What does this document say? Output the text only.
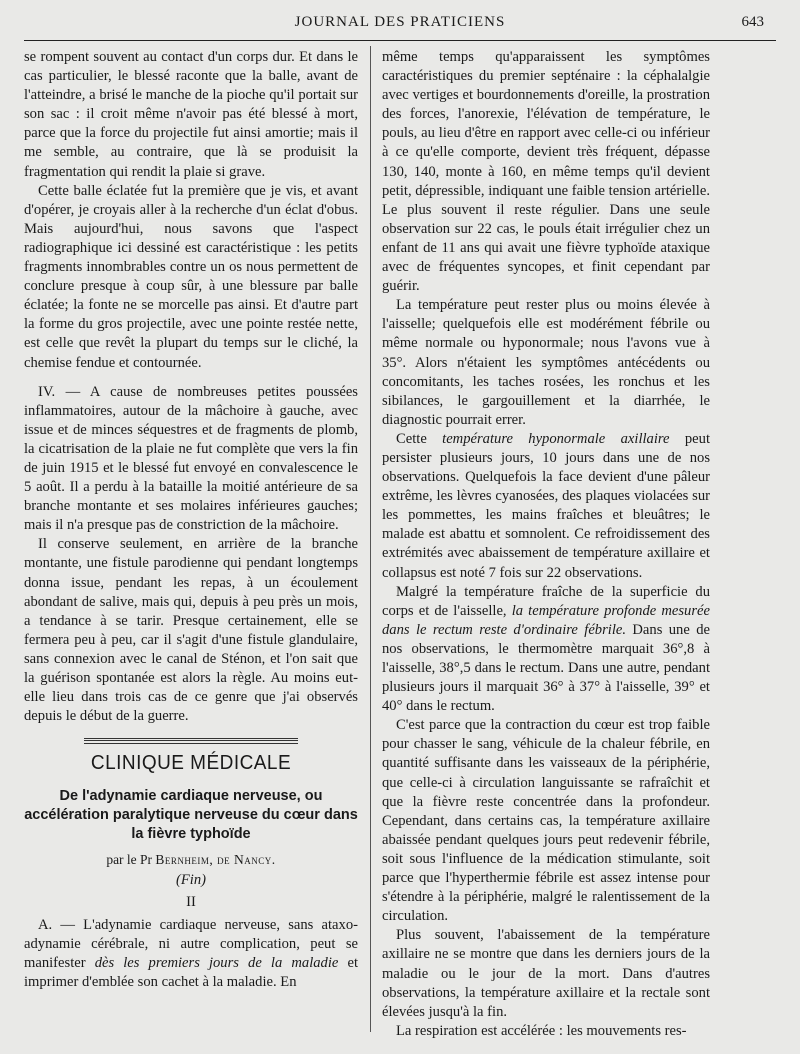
JOURNAL DES PRATICIENS	643

se rompent souvent au contact d'un corps dur. Et dans le cas particulier, le blessé raconte que la balle, avant de l'atteindre, a brisé le manche de la pioche qu'il portait sur son sac : il croit même n'avoir pas été blessé à mort, parce que la force du projectile fut ainsi amortie; mais il me semble, au contraire, que là se produisit la fragmentation qui rendit la plaie si grave.

Cette balle éclatée fut la première que je vis, et avant d'opérer, je croyais aller à la recherche d'un éclat d'obus. Mais aujourd'hui, nous savons que l'aspect radiographique ici dessiné est caractéristique : les petits fragments innombrables contre un os nous permettent de conclure presque à coup sûr, à une blessure par balle éclatée; la fonte ne se morcelle pas ainsi. Et d'autre part la forme du gros projectile, avec une pointe restée nette, est celle que revêt la plupart du temps sur le cliché, la chemise fendue et contournée.

IV. — A cause de nombreuses petites poussées inflammatoires, autour de la mâchoire à gauche, avec issue et de minces séquestres et de fragments de plomb, la cicatrisation de la plaie ne fut complète que vers la fin de juin 1915 et le blessé fut envoyé en convalescence le 5 août. Il a perdu à la bataille la moitié antérieure de sa branche montante et ses molaires inférieures gauches; mais il n'a presque pas de constriction de la mâchoire.

Il conserve seulement, en arrière de la branche montante, une fistule parodienne qui pendant longtemps donna issue, pendant les repas, à un écoulement abondant de salive, mais qui, depuis à peu près un mois, a tendance à se tarir. Presque certainement, elle se fermera peu à peu, car il s'agit d'une fistule glandulaire, sans connexion avec le canal de Sténon, et l'on sait que la guérison spontanée est alors la règle. Au moins eut-elle lieu dans trois cas de ce genre que j'ai observés depuis le début de la guerre.

CLINIQUE MÉDICALE
De l'adynamie cardiaque nerveuse, ou accélération paralytique nerveuse du cœur dans la fièvre typhoïde
par le Pr Bernheim, de Nancy.
(Fin)
II

A. — L'adynamie cardiaque nerveuse, sans ataxo-adynamie cérébrale, ni autre complication, peut se manifester dès les premiers jours de la maladie et imprimer d'emblée son cachet à la maladie. En

même temps qu'apparaissent les symptômes caractéristiques du premier septénaire : la céphalalgie avec vertiges et bourdonnements d'oreille, la prostration des forces, l'anorexie, l'élévation de température, le pouls, au lieu d'être en rapport avec celle-ci ou inférieur à ce qu'elle comporte, devient très fréquent, dépasse 130, 140, monte à 160, en même temps qu'il devient petit, dépressible, indiquant une faible tension artérielle. Le plus souvent il reste régulier. Dans une seule observation sur 22 cas, le pouls était irrégulier chez un enfant de 11 ans qui avait une fièvre typhoïde ataxique avec de fréquentes syncopes, et finit cependant par guérir.

La température peut rester plus ou moins élevée à l'aisselle; quelquefois elle est modérément fébrile ou même normale ou hyponormale; nous l'avons vue à 35°. Alors n'étaient les symptômes antécédents ou concomitants, les taches rosées, les ronchus et les sibilances, le gargouillement et la diarrhée, le diagnostic pourrait errer.

Cette température hyponormale axillaire peut persister plusieurs jours, 10 jours dans une de nos observations. Quelquefois la face devient d'une pâleur extrême, les lèvres cyanosées, des plaques violacées sur les pommettes, les mains fraîches et bleuâtres; le malade est abattu et somnolent. Ce refroidissement des extrémités avec abaissement de température axillaire et collapsus est noté 7 fois sur 22 observations.

Malgré la température fraîche de la superficie du corps et de l'aisselle, la température profonde mesurée dans le rectum reste d'ordinaire fébrile. Dans une de nos observations, le thermomètre marquait 36°,8 à l'aisselle, 38°,5 dans le rectum. Dans une autre, pendant plusieurs jours il marquait 36° à 37° à l'aisselle, 39° et 40° dans le rectum.

C'est parce que la contraction du cœur est trop faible pour chasser le sang, véhicule de la chaleur fébrile, en quantité suffisante dans les vaisseaux de la périphérie, que celle-ci à circulation languissante se rafraîchit et que la fièvre reste concentrée dans la profondeur. Cependant, dans certains cas, la température axillaire abaissée pendant quelques jours peut redevenir fébrile, soit sous l'influence de la médication stimulante, soit parce que l'hyperthermie fébrile est assez intense pour s'étendre à la périphérie, malgré le ralentissement de la circulation.

Plus souvent, l'abaissement de la température axillaire ne se montre que dans les derniers jours de la maladie ou le jour de la mort. Dans d'autres observations, la température axillaire et la rectale sont élevées jusqu'à la fin.

La respiration est accélérée : les mouvements res-
